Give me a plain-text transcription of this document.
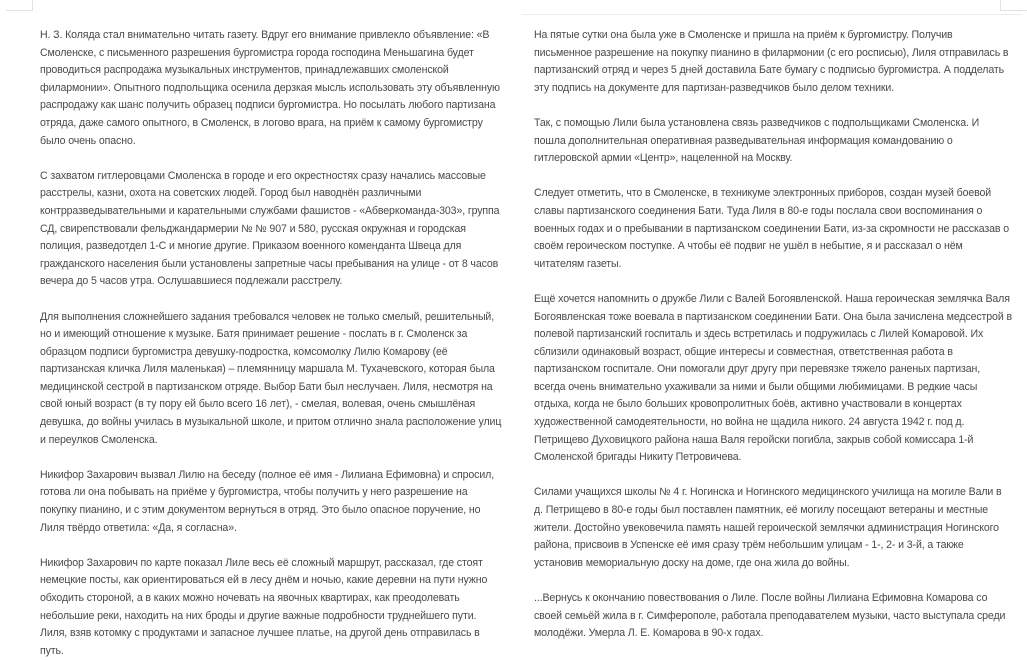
Н. З. Коляда стал внимательно читать газету. Вдруг его внимание привлекло объявление: «В Смоленске, с письменного разрешения бургомистра города господина Меньшагина будет проводиться распродажа музыкальных инструментов, принадлежавших смоленской филармонии». Опытного подпольщика осенила дерзкая мысль использовать эту объявленную распродажу как шанс получить образец подписи бургомистра. Но посылать любого партизана отряда, даже самого опытного, в Смоленск, в логово врага, на приём к самому бургомистру было очень опасно.

С захватом гитлеровцами Смоленска в городе и его окрестностях сразу начались массовые расстрелы, казни, охота на советских людей. Город был наводнён различными контрразведывательными и карательными службами фашистов - «Абверкоманда-303», группа СД, свирепствовали фельджандармерии № № 907 и 580, русская окружная и городская полиция, разведотдел 1-С и многие другие. Приказом военного коменданта Швеца для гражданского населения были установлены запретные часы пребывания на улице - от 8 часов вечера до 5 часов утра. Ослушавшиеся подлежали расстрелу.

Для выполнения сложнейшего задания требовался человек не только смелый, решительный, но и имеющий отношение к музыке. Батя принимает решение - послать в г. Смоленск за образцом подписи бургомистра девушку-подростка, комсомолку Лилю Комарову (её партизанская кличка Лиля маленькая) – племянницу маршала М. Тухачевского, которая была медицинской сестрой в партизанском отряде. Выбор Бати был неслучаен. Лиля, несмотря на свой юный возраст (в ту пору ей было всего 16 лет), - смелая, волевая, очень смышлёная девушка, до войны училась в музыкальной школе, и притом отлично знала расположение улиц и переулков Смоленска.

Никифор Захарович вызвал Лилю на беседу (полное её имя - Лилиана Ефимовна) и спросил, готова ли она побывать на приёме у бургомистра, чтобы получить у него разрешение на покупку пианино, и с этим документом вернуться в отряд. Это было опасное поручение, но Лиля твёрдо ответила: «Да, я согласна».

Никифор Захарович по карте показал Лиле весь её сложный маршрут, рассказал, где стоят немецкие посты, как ориентироваться ей в лесу днём и ночью, какие деревни на пути нужно обходить стороной, а в каких можно ночевать на явочных квартирах, как преодолевать небольшие реки, находить на них броды и другие важные подробности труднейшего пути. Лиля, взяв котомку с продуктами и запасное лучшее платье, на другой день отправилась в путь.

На пятые сутки она была уже в Смоленске и пришла на приём к бургомистру. Получив письменное разрешение на покупку пианино в филармонии (с его росписью), Лиля отправилась в партизанский отряд и через 5 дней доставила Бате бумагу с подписью бургомистра. А подделать эту подпись на документе для партизан-разведчиков было делом техники.

Так, с помощью Лили была установлена связь разведчиков с подпольщиками Смоленска. И пошла дополнительная оперативная разведывательная информация командованию о гитлеровской армии «Центр», нацеленной на Москву.

Следует отметить, что в Смоленске, в техникуме электронных приборов, создан музей боевой славы партизанского соединения Бати. Туда Лиля в 80-е годы послала свои воспоминания о военных годах и о пребывании в партизанском соединении Бати, из-за скромности не рассказав о своём героическом поступке. А чтобы её подвиг не ушёл в небытие, я и рассказал о нём читателям газеты.

Ещё хочется напомнить о дружбе Лили с Валей Богоявленской. Наша героическая землячка Валя Богоявленская тоже воевала в партизанском соединении Бати. Она была зачислена медсестрой в полевой партизанский госпиталь и здесь встретилась и подружилась с Лилей Комаровой. Их сблизили одинаковый возраст, общие интересы и совместная, ответственная работа в партизанском госпитале. Они помогали друг другу при перевязке тяжело раненых партизан, всегда очень внимательно ухаживали за ними и были общими любимицами. В редкие часы отдыха, когда не было больших кровопролитных боёв, активно участвовали в концертах художественной самодеятельности, но война не щадила никого. 24 августа 1942 г. под д. Петрищево Духовицкого района наша Валя геройски погибла, закрыв собой комиссара 1-й Смоленской бригады Никиту Петровичева.

Силами учащихся школы № 4 г. Ногинска и Ногинского медицинского училища на могиле Вали в д. Петрищево в 80-е годы был поставлен памятник, её могилу посещают ветераны и местные жители. Достойно увековечила память нашей героической землячки администрация Ногинского района, присвоив в Успенске её имя сразу трём небольшим улицам - 1-, 2- и 3-й, а также установив мемориальную доску на доме, где она жила до войны.

...Вернусь к окончанию повествования о Лиле. После войны Лилиана Ефимовна Комарова со своей семьёй жила в г. Симферополе, работала преподавателем музыки, часто выступала среди молодёжи. Умерла Л. Е. Комарова в 90-х годах.
